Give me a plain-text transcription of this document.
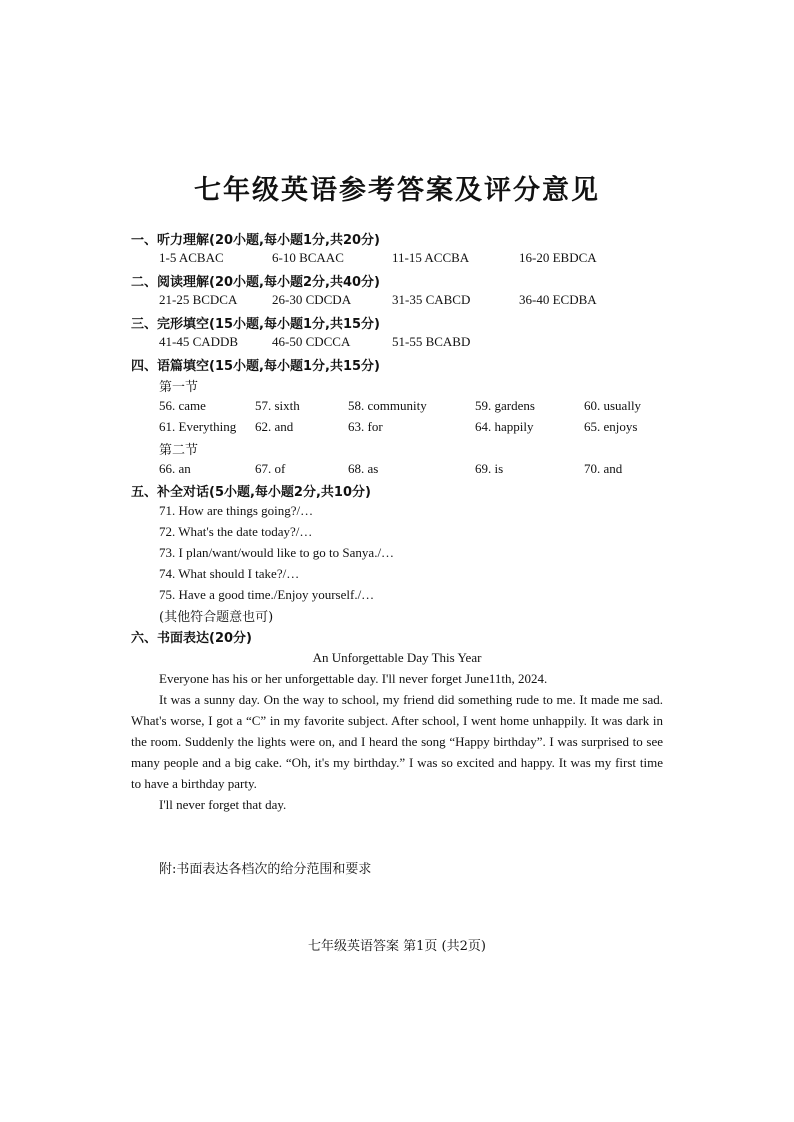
七年级英语参考答案及评分意见
一、听力理解(20小题,每小题1分,共20分)
1-5 ACBAC	6-10 BCAAC	11-15 ACCBA	16-20 EBDCA
二、阅读理解(20小题,每小题2分,共40分)
21-25 BCDCA	26-30 CDCDA	31-35 CABCD	36-40 ECDBA
三、完形填空(15小题,每小题1分,共15分)
41-45 CADDB	46-50 CDCCA	51-55 BCABD
四、语篇填空(15小题,每小题1分,共15分)
第一节
56. came	57. sixth	58. community	59. gardens	60. usually
61. Everything 62. and	63. for	64. happily	65. enjoys
第二节
66. an	67. of	68. as	69. is	70. and
五、补全对话(5小题,每小题2分,共10分)
71. How are things going?/…
72. What's the date today?/…
73. I plan/want/would like to go to Sanya./…
74. What should I take?/…
75. Have a good time./Enjoy yourself./…
(其他符合题意也可)
六、书面表达(20分)
An Unforgettable Day This Year

Everyone has his or her unforgettable day. I'll never forget June11th, 2024.

It was a sunny day. On the way to school, my friend did something rude to me. It made me sad. What's worse, I got a “C” in my favorite subject. After school, I went home unhappily. It was dark in the room. Suddenly the lights were on, and I heard the song “Happy birthday”. I was surprised to see many people and a big cake. “Oh, it's my birthday.” I was so excited and happy. It was my first time to have a birthday party.

I'll never forget that day.

附:书面表达各档次的给分范围和要求
七年级英语答案 第1页 (共2页)
